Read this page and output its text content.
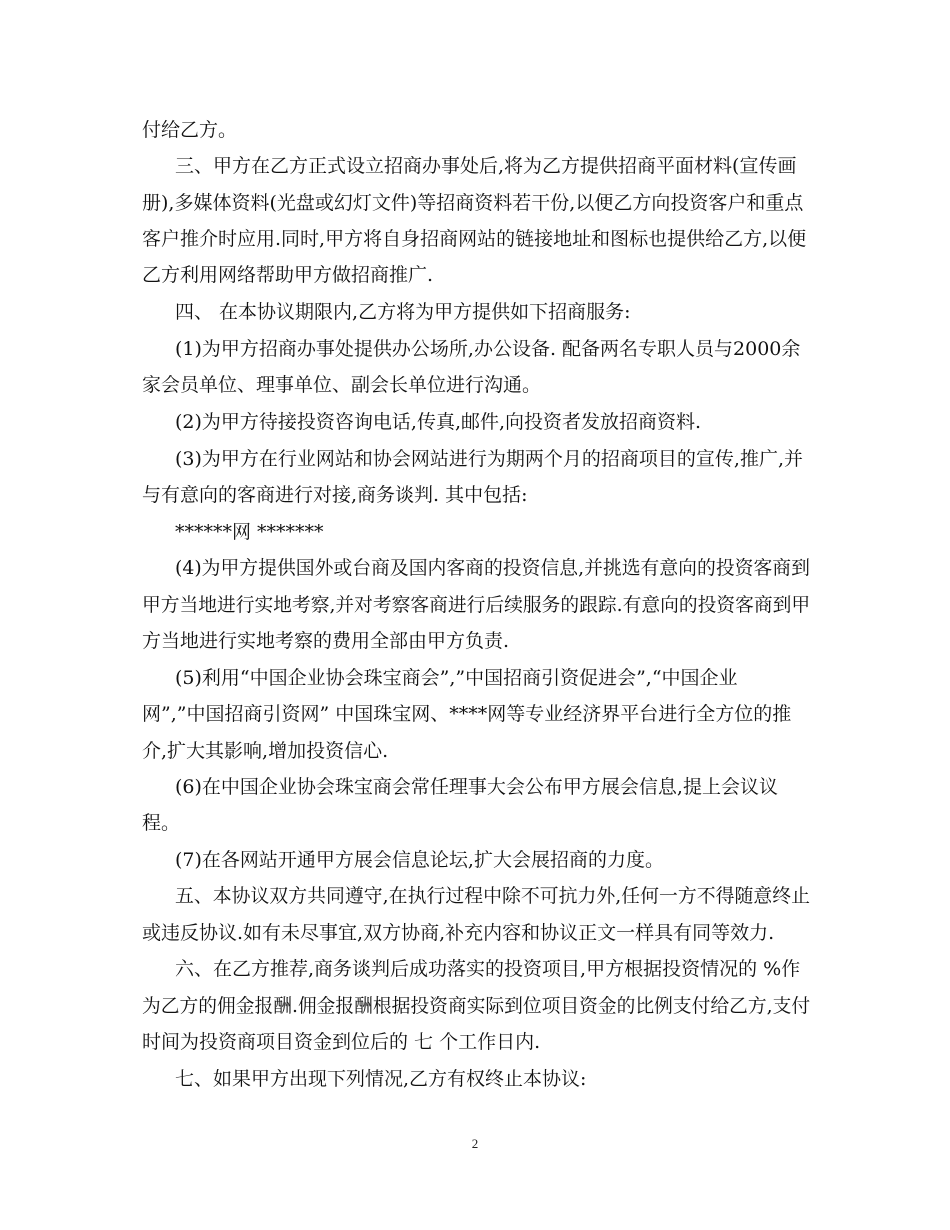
付给乙方。
三、甲方在乙方正式设立招商办事处后,将为乙方提供招商平面材料(宣传画
册),多媒体资料(光盘或幻灯文件)等招商资料若干份,以便乙方向投资客户和重点
客户推介时应用.同时,甲方将自身招商网站的链接地址和图标也提供给乙方,以便
乙方利用网络帮助甲方做招商推广.
四、 在本协议期限内,乙方将为甲方提供如下招商服务:
(1)为甲方招商办事处提供办公场所,办公设备. 配备两名专职人员与2000余
家会员单位、理事单位、副会长单位进行沟通。
(2)为甲方待接投资咨询电话,传真,邮件,向投资者发放招商资料.
(3)为甲方在行业网站和协会网站进行为期两个月的招商项目的宣传,推广,并
与有意向的客商进行对接,商务谈判. 其中包括:
******网 *******
(4)为甲方提供国外或台商及国内客商的投资信息,并挑选有意向的投资客商到
甲方当地进行实地考察,并对考察客商进行后续服务的跟踪.有意向的投资客商到甲
方当地进行实地考察的费用全部由甲方负责.
(5)利用“中国企业协会珠宝商会”,”中国招商引资促进会”,“中国企业
网”,”中国招商引资网” 中国珠宝网、****网等专业经济界平台进行全方位的推
介,扩大其影响,增加投资信心.
(6)在中国企业协会珠宝商会常任理事大会公布甲方展会信息,提上会议议
程。
(7)在各网站开通甲方展会信息论坛,扩大会展招商的力度。
五、本协议双方共同遵守,在执行过程中除不可抗力外,任何一方不得随意终止
或违反协议.如有未尽事宜,双方协商,补充内容和协议正文一样具有同等效力.
六、在乙方推荐,商务谈判后成功落实的投资项目,甲方根据投资情况的 %作
为乙方的佣金报酬.佣金报酬根据投资商实际到位项目资金的比例支付给乙方,支付
时间为投资商项目资金到位后的 七 个工作日内.
七、如果甲方出现下列情况,乙方有权终止本协议:
2
